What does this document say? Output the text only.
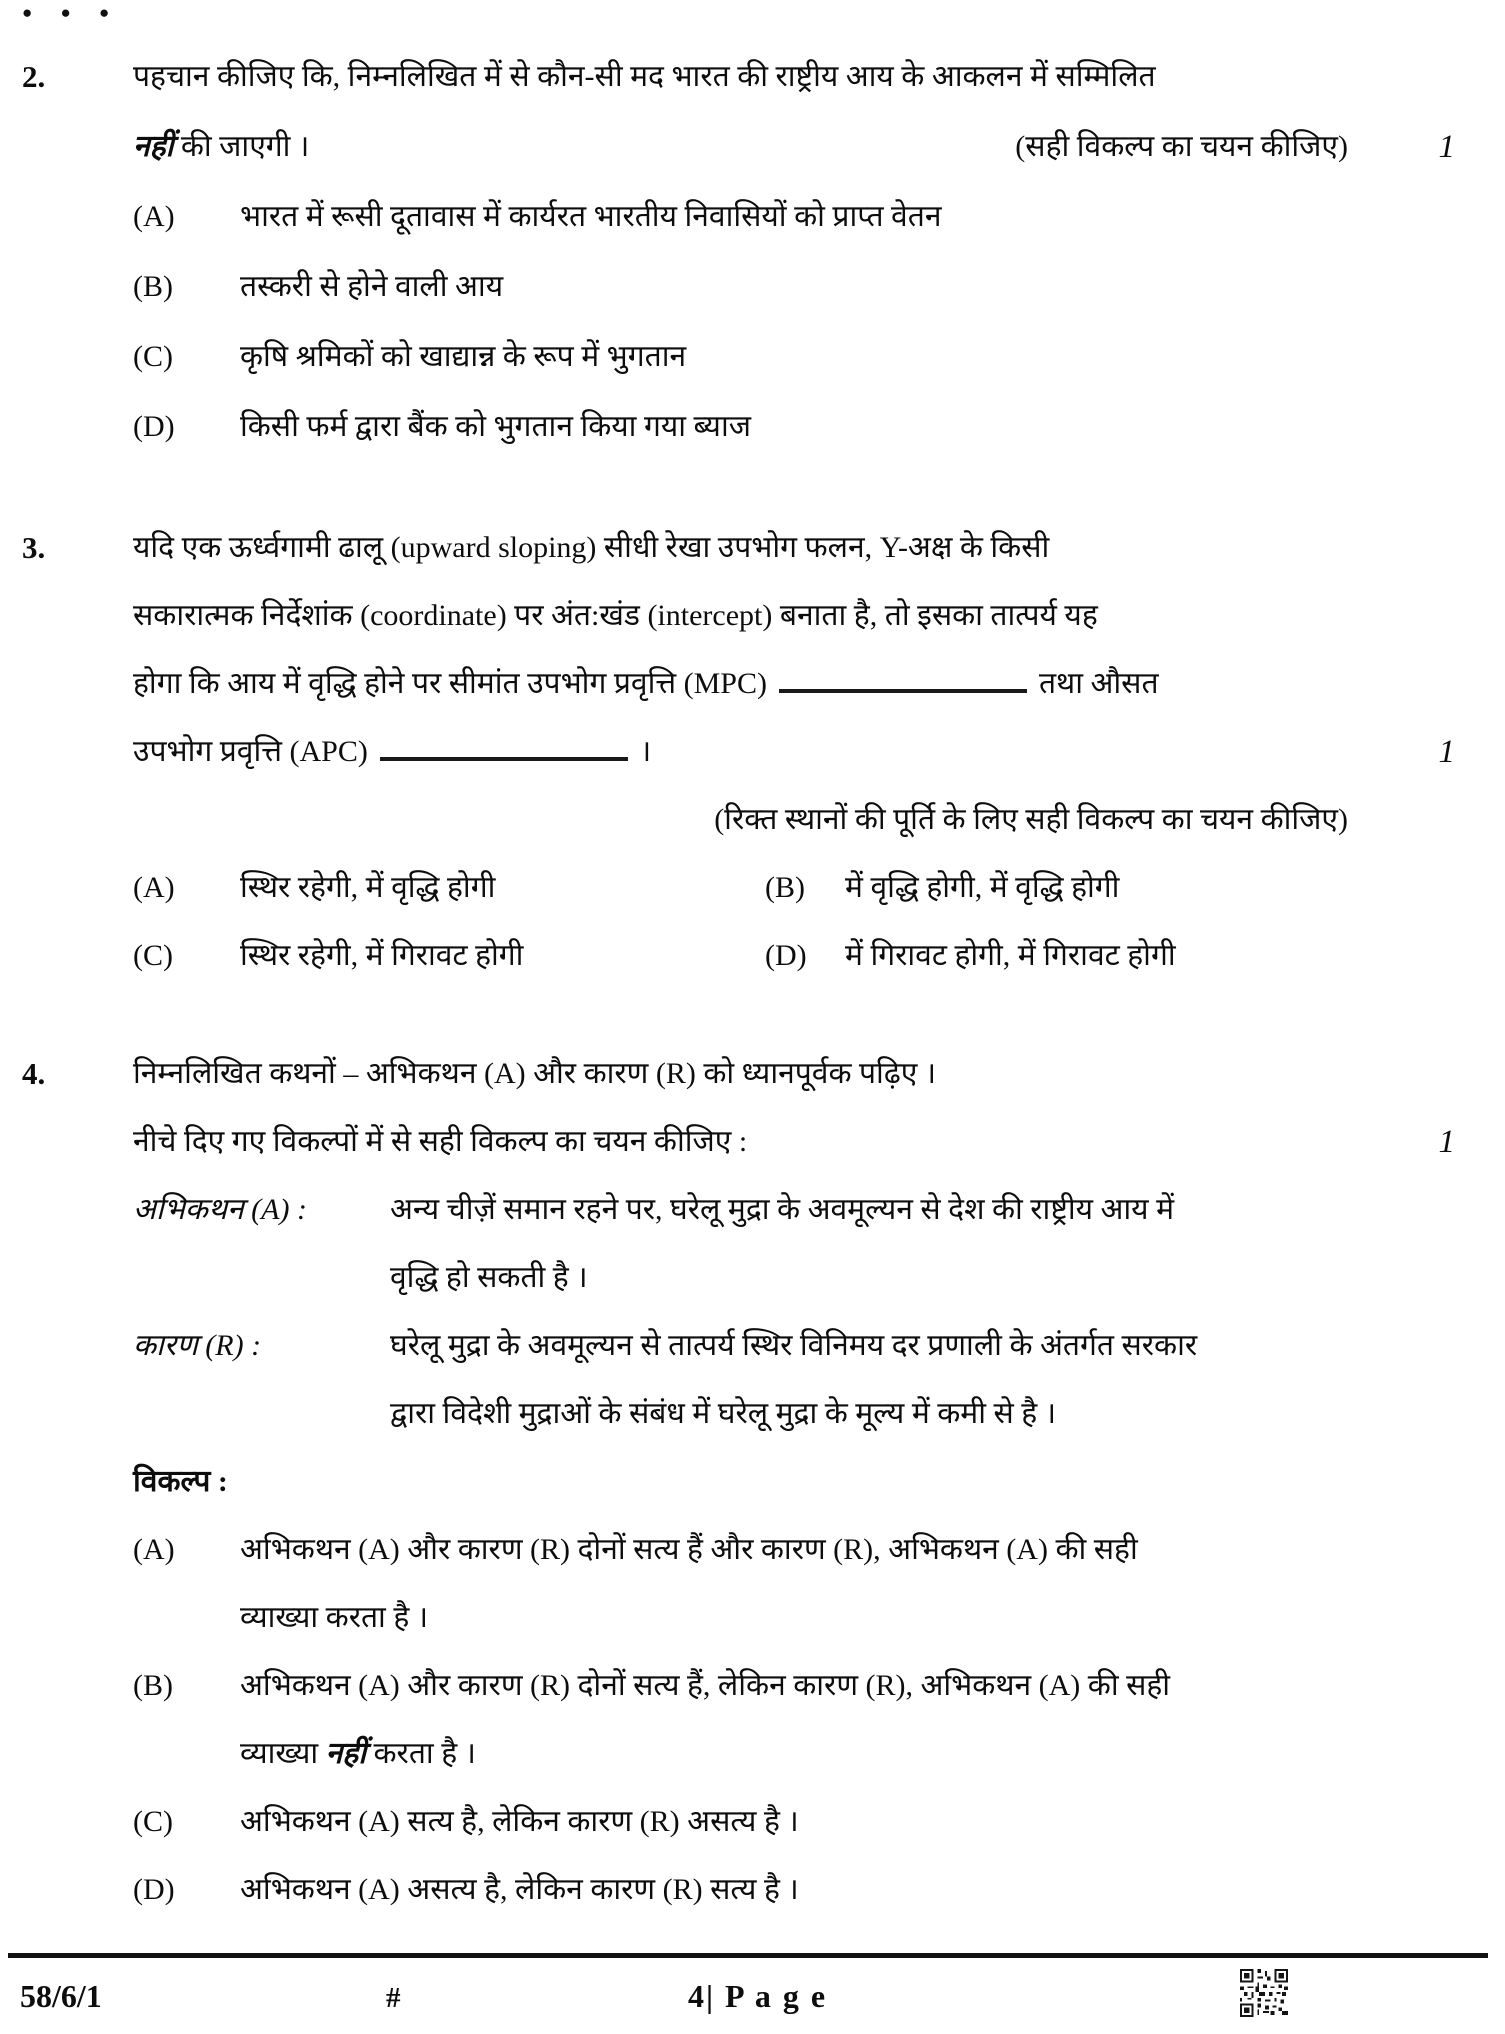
● ● ●
1
2.	पहचान कीजिए कि, निम्नलिखित में से कौन-सी मद भारत की राष्ट्रीय आय के आकलन में सम्मिलित
नहीं की जाएगी ।	(सही विकल्प का चयन कीजिए)
(A)	भारत में रूसी दूतावास में कार्यरत भारतीय निवासियों को प्राप्त वेतन
(B)	तस्करी से होने वाली आय
(C)	कृषि श्रमिकों को खाद्यान्न के रूप में भुगतान
(D)	किसी फर्म द्वारा बैंक को भुगतान किया गया ब्याज
1
3.	यदि एक ऊर्ध्वगामी ढालू (upward sloping) सीधी रेखा उपभोग फलन, Y-अक्ष के किसी
सकारात्मक निर्देशांक (coordinate) पर अंत:खंड (intercept) बनाता है, तो इसका तात्पर्य यह
होगा कि आय में वृद्धि होने पर सीमांत उपभोग प्रवृत्ति (MPC)	तथा औसत
उपभोग प्रवृत्ति (APC)	।
(रिक्त स्थानों की पूर्ति के लिए सही विकल्प का चयन कीजिए)
(A)	स्थिर रहेगी, में वृद्धि होगी	(B)	में वृद्धि होगी, में वृद्धि होगी
(C)	स्थिर रहेगी, में गिरावट होगी	(D)	में गिरावट होगी, में गिरावट होगी
1
4.	निम्नलिखित कथनों – अभिकथन (A) और कारण (R) को ध्यानपूर्वक पढ़िए ।
नीचे दिए गए विकल्पों में से सही विकल्प का चयन कीजिए :
अभिकथन (A) :	अन्य चीज़ें समान रहने पर, घरेलू मुद्रा के अवमूल्यन से देश की राष्ट्रीय आय में
वृद्धि हो सकती है ।
कारण (R) :	घरेलू मुद्रा के अवमूल्यन से तात्पर्य स्थिर विनिमय दर प्रणाली के अंतर्गत सरकार
द्वारा विदेशी मुद्राओं के संबंध में घरेलू मुद्रा के मूल्य में कमी से है ।
विकल्प :
(A)	अभिकथन (A) और कारण (R) दोनों सत्य हैं और कारण (R), अभिकथन (A) की सही
व्याख्या करता है ।
(B)	अभिकथन (A) और कारण (R) दोनों सत्य हैं, लेकिन कारण (R), अभिकथन (A) की सही
व्याख्या नहीं करता है ।
(C)	अभिकथन (A) सत्य है, लेकिन कारण (R) असत्य है ।
(D)	अभिकथन (A) असत्य है, लेकिन कारण (R) सत्य है ।
58/6/1	#	4| P a g e
